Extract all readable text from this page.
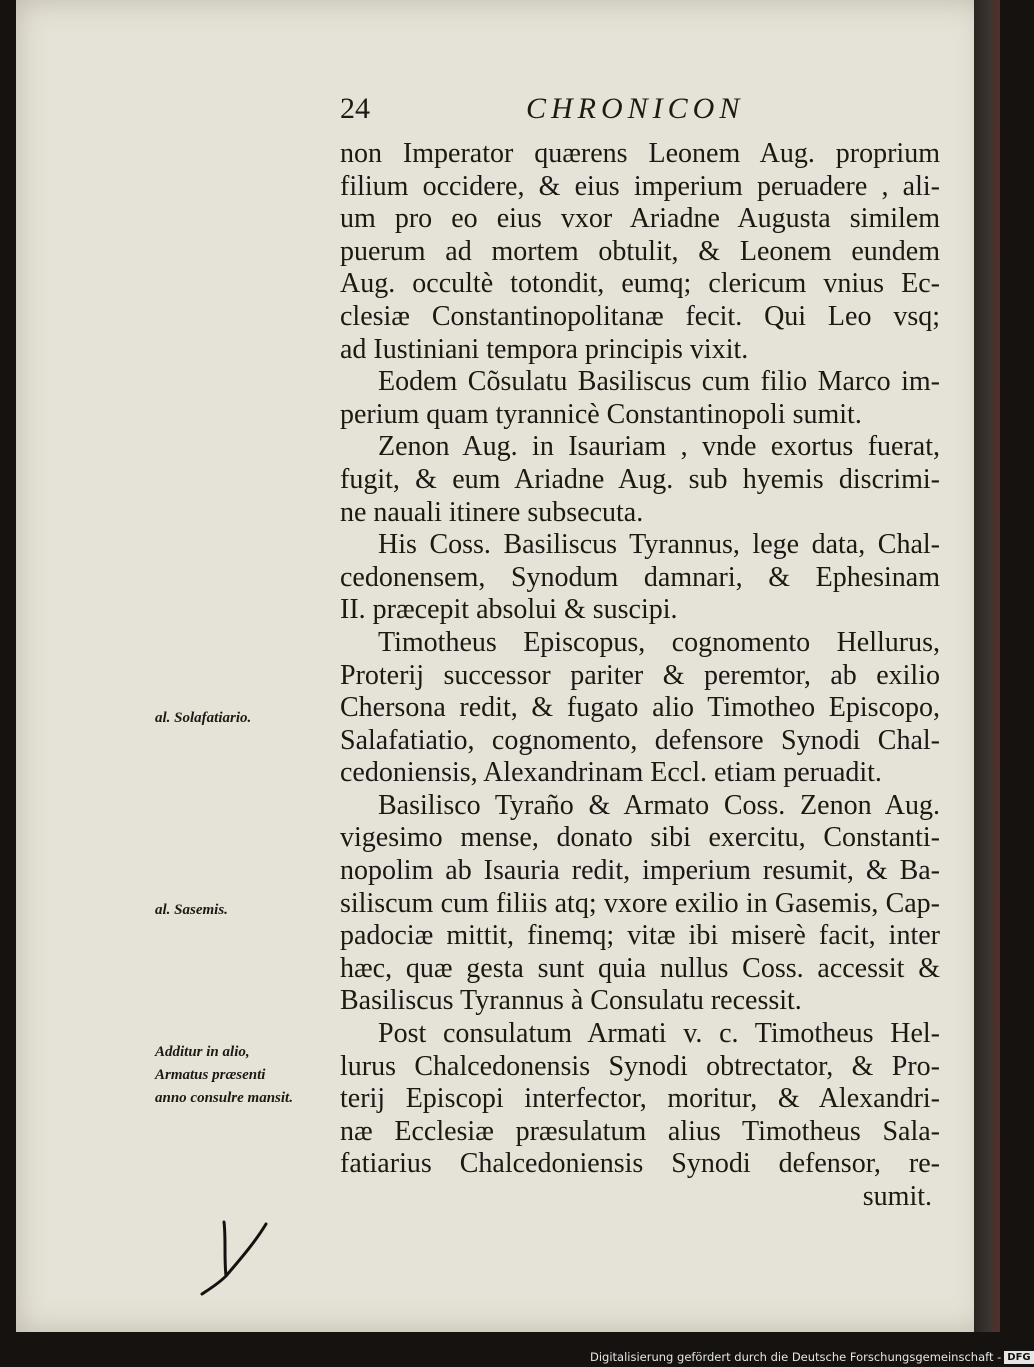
24	CHRONICON
non Imperator quærens Leonem Aug. proprium
filium occidere, & eius imperium peruadere , ali-
um pro eo eius vxor Ariadne Augusta similem
puerum ad mortem obtulit, & Leonem eundem
Aug. occultè totondit, eumq; clericum vnius Ec-
clesiæ Constantinopolitanæ fecit. Qui Leo vsq;
ad Iustiniani tempora principis vixit.
Eodem Cõsulatu Basiliscus cum filio Marco im-
perium quam tyrannicè Constantinopoli sumit.
Zenon Aug. in Isauriam , vnde exortus fuerat,
fugit, & eum Ariadne Aug. sub hyemis discrimi-
ne nauali itinere subsecuta.
His Coss. Basiliscus Tyrannus, lege data, Chal-
cedonensem, Synodum damnari, & Ephesinam
II. præcepit absolui & suscipi.
Timotheus Episcopus, cognomento Hellurus,
Proterij successor pariter & peremtor, ab exilio
Chersona redit, & fugato alio Timotheo Episcopo,
Salafatiatio, cognomento, defensore Synodi Chal-
cedoniensis, Alexandrinam Eccl. etiam peruadit.
Basilisco Tyraño & Armato Coss. Zenon Aug.
vigesimo mense, donato sibi exercitu, Constanti-
nopolim ab Isauria redit, imperium resumit, & Ba-
siliscum cum filiis atq; vxore exilio in Gasemis, Cap-
padociæ mittit, finemq; vitæ ibi miserè facit, inter
hæc, quæ gesta sunt quia nullus Coss. accessit &
Basiliscus Tyrannus à Consulatu recessit.
Post consulatum Armati v. c. Timotheus Hel-
lurus Chalcedonensis Synodi obtrectator, & Pro-
terij Episcopi interfector, moritur, & Alexandri-
næ Ecclesiæ præsulatum alius Timotheus Sala-
fatiarius Chalcedoniensis Synodi defensor, re-
sumit.
al. Solafatiario.
al. Sasemis.
Additur in alio,
Armatus præsenti
anno consulre mansit.
Digitalisierung gefördert durch die Deutsche Forschungsgemeinschaft - DFG
